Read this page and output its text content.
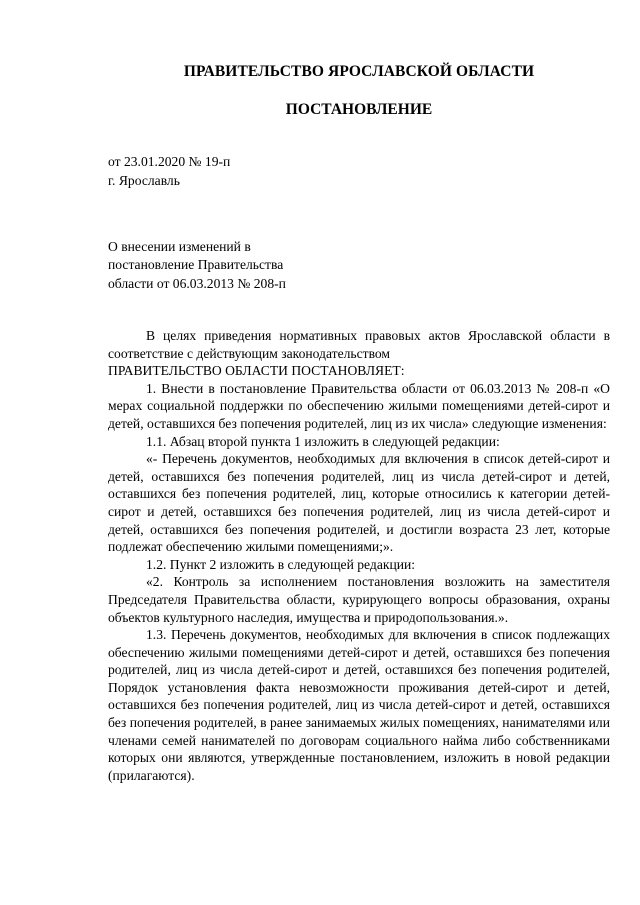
ПРАВИТЕЛЬСТВО ЯРОСЛАВСКОЙ ОБЛАСТИ
ПОСТАНОВЛЕНИЕ
от 23.01.2020 № 19-п
г. Ярославль
О внесении изменений в
постановление Правительства
области от 06.03.2013 № 208-п

В целях приведения нормативных правовых актов Ярославской области в соответствие с действующим законодательством

ПРАВИТЕЛЬСТВО ОБЛАСТИ ПОСТАНОВЛЯЕТ:

1. Внести в постановление Правительства области от 06.03.2013 № 208-п «О мерах социальной поддержки по обеспечению жилыми помещениями детей-сирот и детей, оставшихся без попечения родителей, лиц из их числа» следующие изменения:

1.1. Абзац второй пункта 1 изложить в следующей редакции:

«- Перечень документов, необходимых для включения в список детей-сирот и детей, оставшихся без попечения родителей, лиц из числа детей-сирот и детей, оставшихся без попечения родителей, лиц, которые относились к категории детей-сирот и детей, оставшихся без попечения родителей, лиц из числа детей-сирот и детей, оставшихся без попечения родителей, и достигли возраста 23 лет, которые подлежат обеспечению жилыми помещениями;».

1.2. Пункт 2 изложить в следующей редакции:

«2. Контроль за исполнением постановления возложить на заместителя Председателя Правительства области, курирующего вопросы образования, охраны объектов культурного наследия, имущества и природопользования.».

1.3. Перечень документов, необходимых для включения в список подлежащих обеспечению жилыми помещениями детей-сирот и детей, оставшихся без попечения родителей, лиц из числа детей-сирот и детей, оставшихся без попечения родителей, Порядок установления факта невозможности проживания детей-сирот и детей, оставшихся без попечения родителей, лиц из числа детей-сирот и детей, оставшихся без попечения родителей, в ранее занимаемых жилых помещениях, нанимателями или членами семей нанимателей по договорам социального найма либо собственниками которых они являются, утвержденные постановлением, изложить в новой редакции (прилагаются).
